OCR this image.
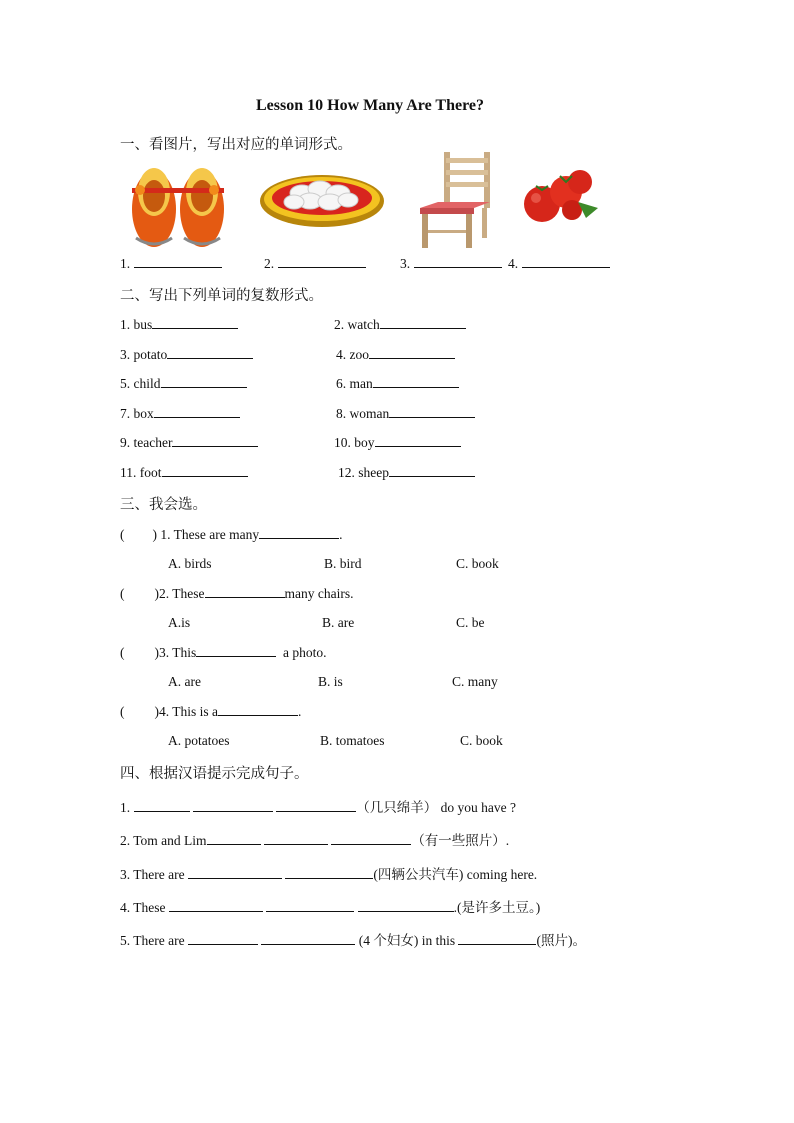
Lesson 10 How Many Are There?
一、看图片，写出对应的单词形式。
1.	2.	3.	4.
二、写出下列单词的复数形式。
1. bus	2. watch
3. potato	4. zoo
5. child	6. man
7. box	8. woman
9. teacher	10. boy
11. foot	12. sheep
三、我会选。
( ) 1. These are many	.
A. birds	B. bird	C. book
( )2. These	many chairs.
A.is	B. are	C. be
( )3. This	a photo.
A. are	B. is	C. many
( )4. This is a	.
A. potatoes	B. tomatoes	C. book
四、根据汉语提示完成句子。
1.	（几只绵羊） do you have ?
2. Tom and Lim	（有一些照片）.
3. There are	(四辆公共汽车) coming here.
4. These	.(是许多土豆。)
5. There are	(4 个妇女) in this	(照片)。
